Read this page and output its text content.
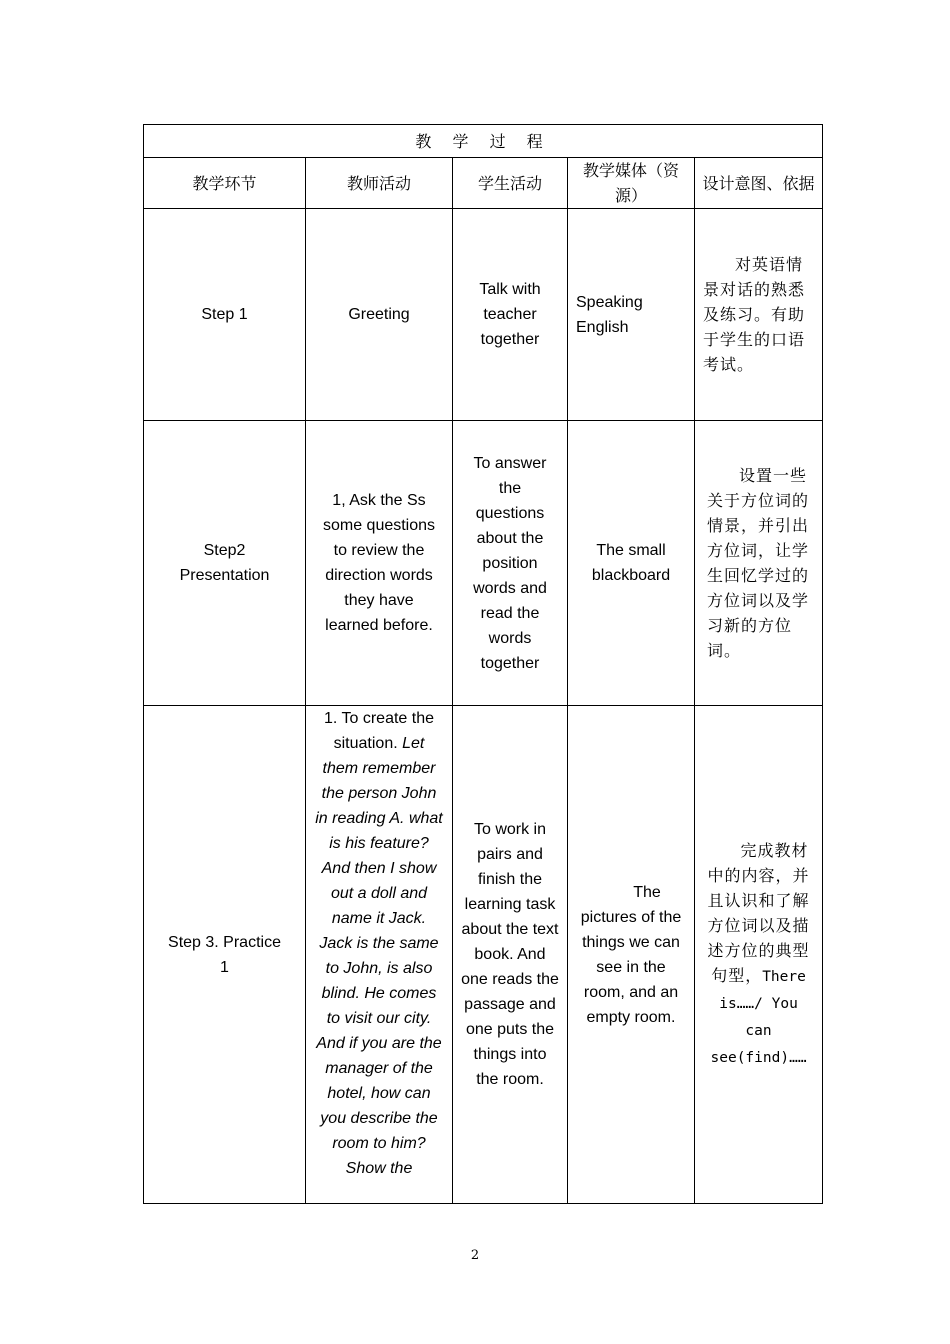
教 学 过 程				
教学环节	教师活动	学生活动	教学媒体（资源）	设计意图、依据
Step 1	Greeting	Talk with teacher together	Speaking English	对英语情景对话的熟悉及练习。有助于学生的口语考试。
Step2 Presentation	1, Ask the Ss some questions to review the direction words they have learned before.	To answer the questions about the position words and read the words together	The small blackboard	设置一些关于方位词的情景，并引出方位词，让学生回忆学过的方位词以及学习新的方位词。
Step 3. Practice 1	1. To create the situation. Let them remember the person John in reading A. what is his feature? And then I show out a doll and name it Jack. Jack is the same to John, is also blind. He comes to visit our city. And if you are the manager of the hotel, how can you describe the room to him? Show the	To work in pairs and finish the learning task about the text book. And one reads the passage and one puts the things into the room.	The pictures of the things we can see in the room, and an empty room.	完成教材中的内容，并且认识和了解方位词以及描述方位的典型句型，There is……/ You can see(find)……
2
